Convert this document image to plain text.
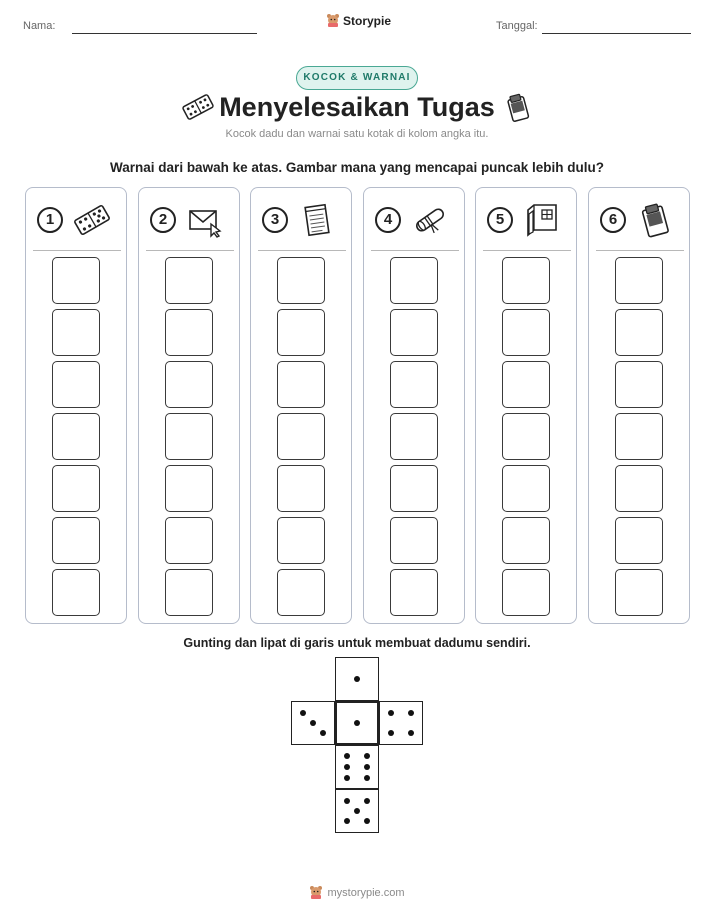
Nama:	Storypie	Tanggal:
KOCOK & WARNAI
Menyelesaikan Tugas
Kocok dadu dan warnai satu kotak di kolom angka itu.
Warnai dari bawah ke atas. Gambar mana yang mencapai puncak lebih dulu?
1	2	3	4	5	6
Gunting dan lipat di garis untuk membuat dadumu sendiri.
mystorypie.com
